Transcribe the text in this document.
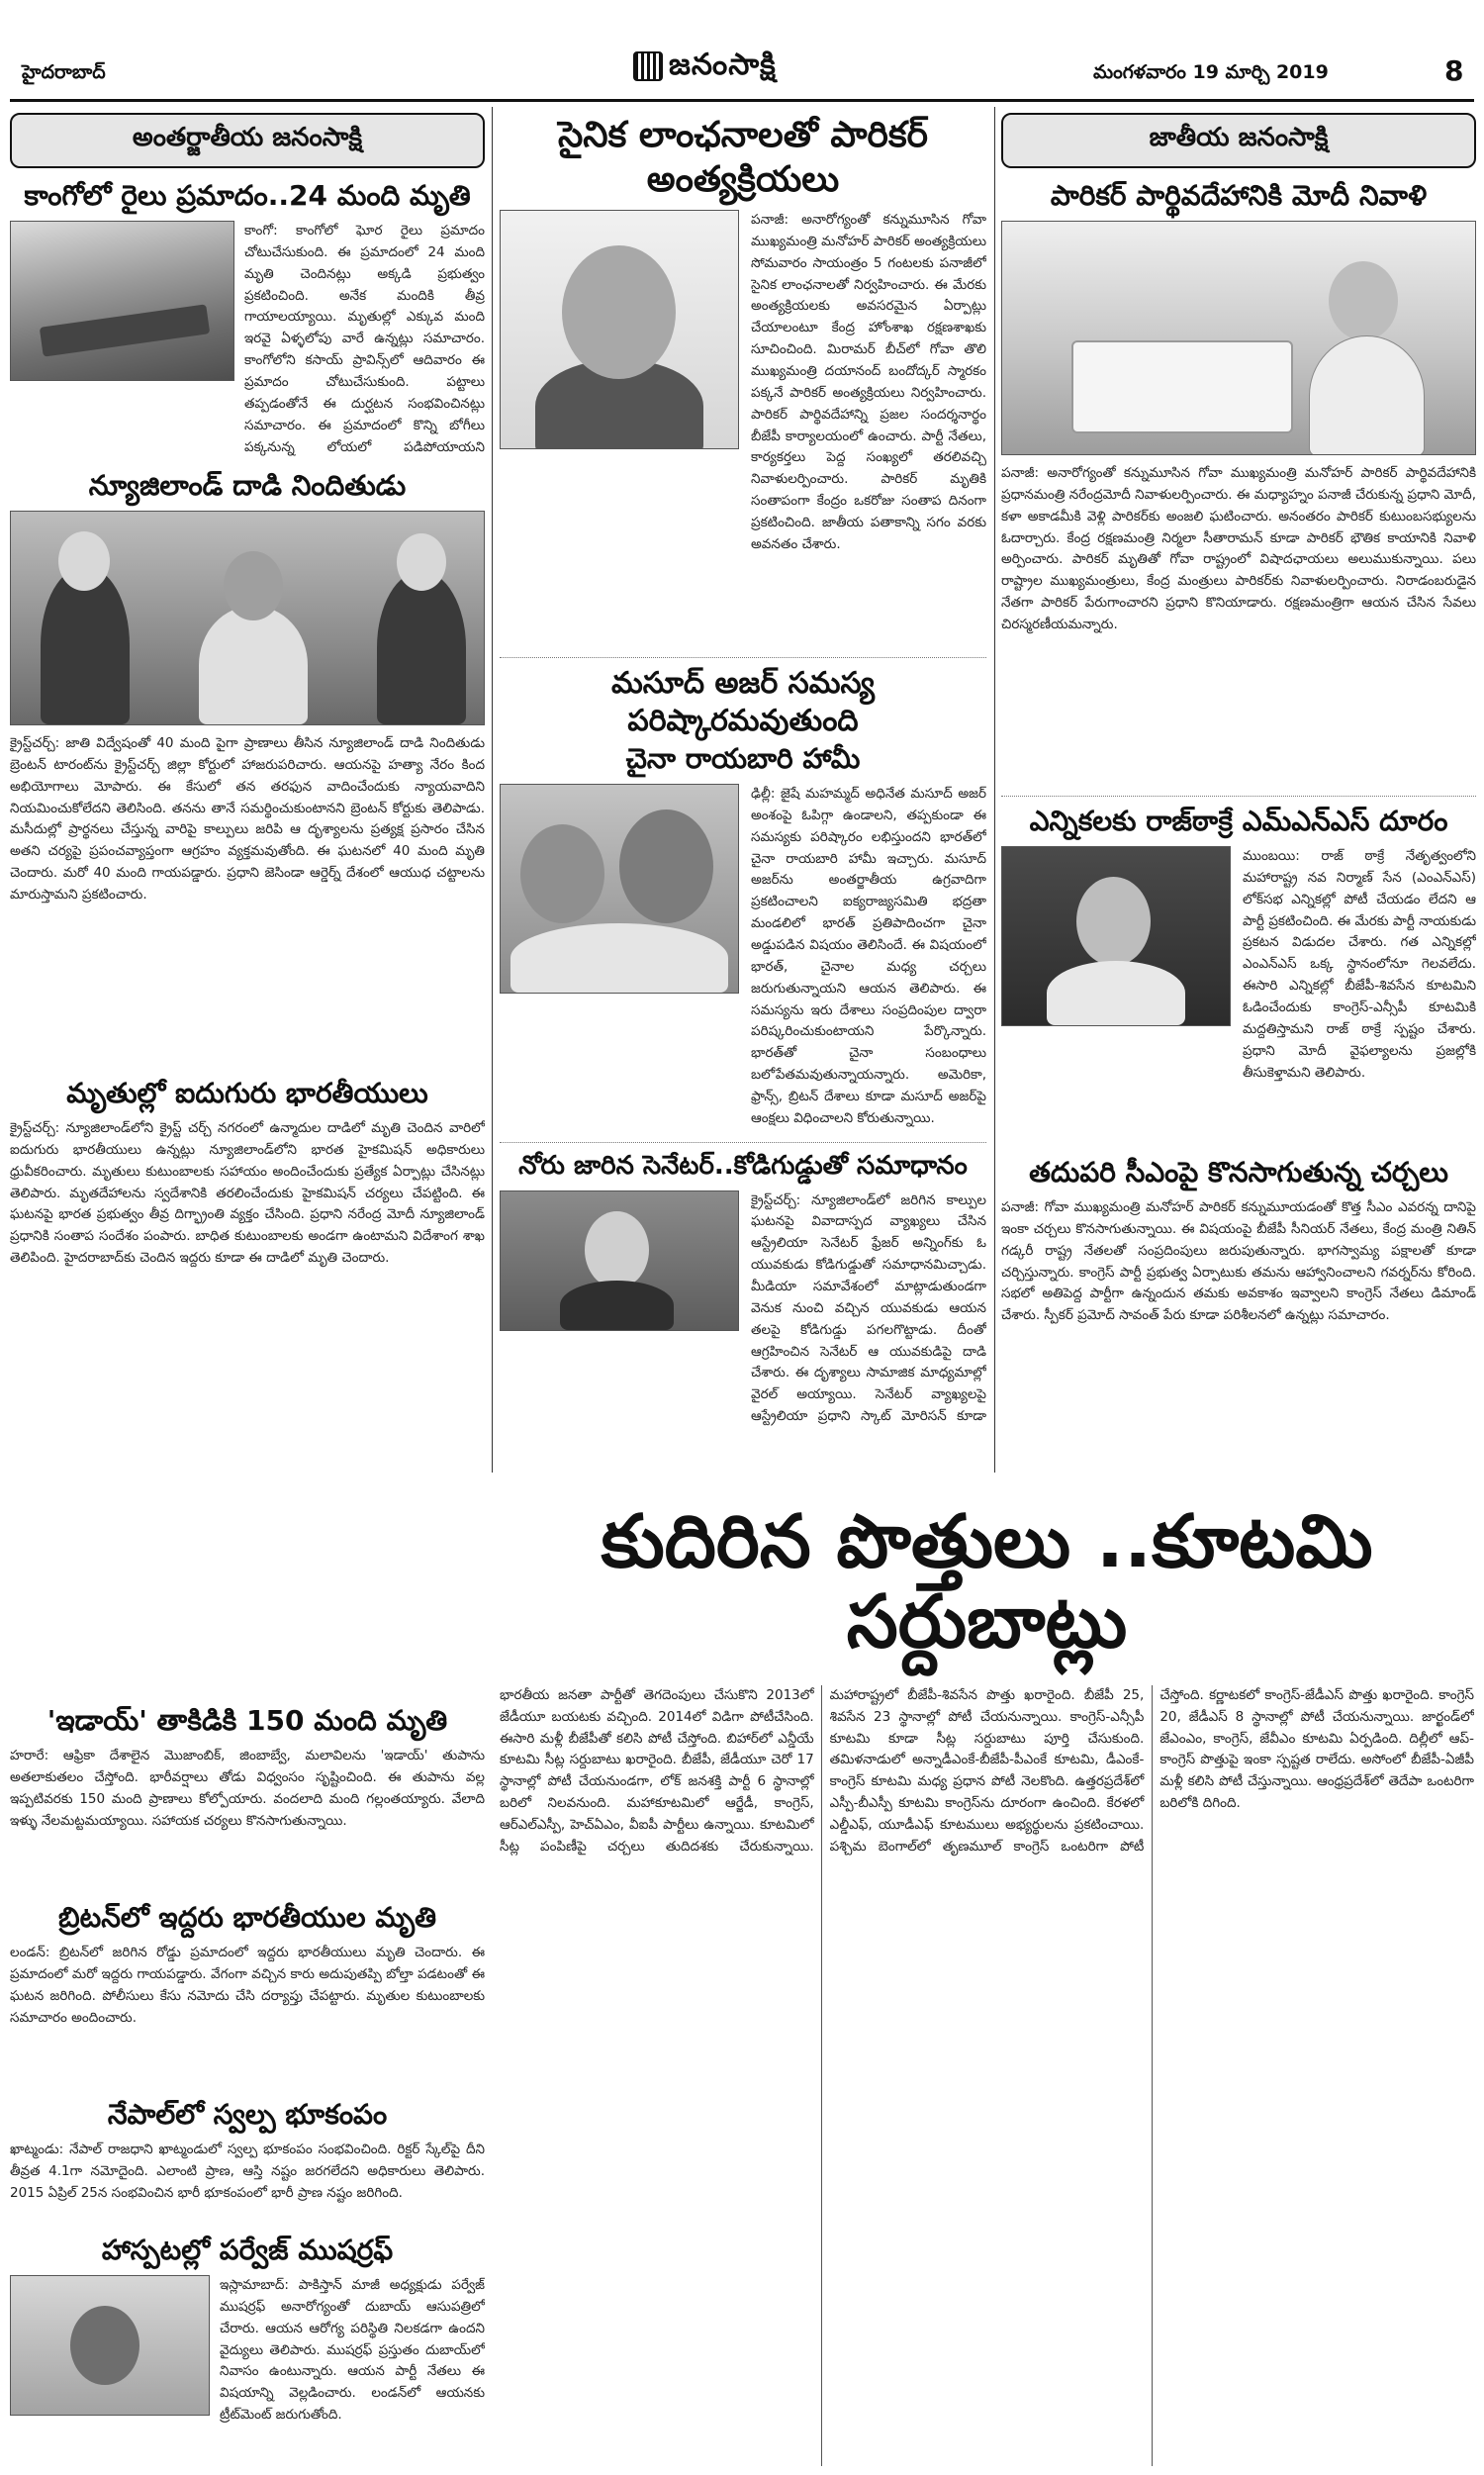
హైదరాబాద్	జనంసాక్షి	మంగళవారం 19 మార్చి 2019	8
అంతర్జాతీయ జనంసాక్షి
కాంగోలో రైలు ప్రమాదం..24 మంది మృతి
కాంగో: కాంగోలో ఘోర రైలు ప్రమాదం చోటుచేసుకుంది. ఈ ప్రమాదంలో 24 మంది మృతి చెందినట్లు అక్కడి ప్రభుత్వం ప్రకటించింది. అనేక మందికి తీవ్ర గాయాలయ్యాయి. మృతుల్లో ఎక్కువ మంది ఇరవై ఏళ్ళలోపు వారే ఉన్నట్లు సమాచారం. కాంగోలోని కసాయ్ ప్రావిన్స్‌లో ఆదివారం ఈ ప్రమాదం చోటుచేసుకుంది. పట్టాలు తప్పడంతోనే ఈ దుర్ఘటన సంభవించినట్లు సమాచారం. ఈ ప్రమాదంలో కొన్ని బోగీలు పక్కనున్న లోయలో పడిపోయాయని
న్యూజిలాండ్ దాడి నిందితుడు
క్రైస్ట్‌చర్చ్: జాతి విద్వేషంతో 40 మంది పైగా ప్రాణాలు తీసిన న్యూజిలాండ్ దాడి నిందితుడు బ్రెంటన్ టారంట్‌ను క్రైస్ట్‌చర్చ్ జిల్లా కోర్టులో హాజరుపరిచారు. ఆయనపై హత్యా నేరం కింద అభియోగాలు మోపారు. ఈ కేసులో తన తరఫున వాదించేందుకు న్యాయవాదిని నియమించుకోలేదని తెలిసింది. తనను తానే సమర్థించుకుంటానని బ్రెంటన్ కోర్టుకు తెలిపాడు. మసీదుల్లో ప్రార్థనలు చేస్తున్న వారిపై కాల్పులు జరిపి ఆ దృశ్యాలను ప్రత్యక్ష ప్రసారం చేసిన అతని చర్యపై ప్రపంచవ్యాప్తంగా ఆగ్రహం వ్యక్తమవుతోంది. ఈ ఘటనలో 40 మంది మృతి చెందారు. మరో 40 మంది గాయపడ్డారు. ప్రధాని జెసిండా ఆర్డెర్న్ దేశంలో ఆయుధ చట్టాలను మారుస్తామని ప్రకటించారు.
మృతుల్లో ఐదుగురు భారతీయులు
క్రైస్ట్‌చర్చ్: న్యూజిలాండ్‌లోని క్రైస్ట్ చర్చ్ నగరంలో ఉన్మాదుల దాడిలో మృతి చెందిన వారిలో ఐదుగురు భారతీయులు ఉన్నట్లు న్యూజిలాండ్‌లోని భారత హైకమిషన్ అధికారులు ధ్రువీకరించారు. మృతులు కుటుంబాలకు సహాయం అందించేందుకు ప్రత్యేక ఏర్పాట్లు చేసినట్లు తెలిపారు. మృతదేహాలను స్వదేశానికి తరలించేందుకు హైకమిషన్ చర్యలు చేపట్టింది. ఈ ఘటనపై భారత ప్రభుత్వం తీవ్ర దిగ్భ్రాంతి వ్యక్తం చేసింది. ప్రధాని నరేంద్ర మోదీ న్యూజిలాండ్ ప్రధానికి సంతాప సందేశం పంపారు. బాధిత కుటుంబాలకు అండగా ఉంటామని విదేశాంగ శాఖ తెలిపింది. హైదరాబాద్‌కు చెందిన ఇద్దరు కూడా ఈ దాడిలో మృతి చెందారు.
'ఇడాయ్' తాకిడికి 150 మంది మృతి
హరారే: ఆఫ్రికా దేశాలైన మొజాంబిక్, జింబాబ్వే, మలావిలను 'ఇడాయ్' తుపాను అతలాకుతలం చేస్తోంది. భారీవర్షాలు తోడు విధ్వంసం సృష్టించింది. ఈ తుపాను వల్ల ఇప్పటివరకు 150 మంది ప్రాణాలు కోల్పోయారు. వందలాది మంది గల్లంతయ్యారు. వేలాది ఇళ్ళు నేలమట్టమయ్యాయి. సహాయక చర్యలు కొనసాగుతున్నాయి.
బ్రిటన్‌లో ఇద్దరు భారతీయుల మృతి
లండన్: బ్రిటన్‌లో జరిగిన రోడ్డు ప్రమాదంలో ఇద్దరు భారతీయులు మృతి చెందారు. ఈ ప్రమాదంలో మరో ఇద్దరు గాయపడ్డారు. వేగంగా వచ్చిన కారు అదుపుతప్పి బోల్తా పడటంతో ఈ ఘటన జరిగింది. పోలీసులు కేసు నమోదు చేసి దర్యాప్తు చేపట్టారు. మృతుల కుటుంబాలకు సమాచారం అందించారు.
నేపాల్‌లో స్వల్ప భూకంపం
ఖాట్మండు: నేపాల్ రాజధాని ఖాట్మండులో స్వల్ప భూకంపం సంభవించింది. రిక్టర్ స్కేల్‌పై దీని తీవ్రత 4.1గా నమోదైంది. ఎలాంటి ప్రాణ, ఆస్తి నష్టం జరగలేదని అధికారులు తెలిపారు. 2015 ఏప్రిల్ 25న సంభవించిన భారీ భూకంపంలో భారీ ప్రాణ నష్టం జరిగింది.
హాస్పటల్లో పర్వేజ్ ముషర్రఫ్
ఇస్లామాబాద్: పాకిస్తాన్ మాజీ అధ్యక్షుడు పర్వేజ్ ముషర్రఫ్ అనారోగ్యంతో దుబాయ్ ఆసుపత్రిలో చేరారు. ఆయన ఆరోగ్య పరిస్థితి నిలకడగా ఉందని వైద్యులు తెలిపారు. ముషర్రఫ్ ప్రస్తుతం దుబాయ్‌లో నివాసం ఉంటున్నారు. ఆయన పార్టీ నేతలు ఈ విషయాన్ని వెల్లడించారు. లండన్‌లో ఆయనకు ట్రీట్‌మెంట్ జరుగుతోంది.
సైనిక లాంఛనాలతో పారికర్ అంత్యక్రియలు
పనాజీ: అనారోగ్యంతో కన్నుమూసిన గోవా ముఖ్యమంత్రి మనోహర్ పారికర్ అంత్యక్రియలు సోమవారం సాయంత్రం 5 గంటలకు పనాజీలో సైనిక లాంఛనాలతో నిర్వహించారు. ఈ మేరకు అంత్యక్రియలకు అవసరమైన ఏర్పాట్లు చేయాలంటూ కేంద్ర హోంశాఖ రక్షణశాఖకు సూచించింది. మిరామర్ బీచ్‌లో గోవా తొలి ముఖ్యమంత్రి దయానంద్ బందోద్కర్ స్మారకం పక్కనే పారికర్ అంత్యక్రియలు నిర్వహించారు. పారికర్ పార్థివదేహాన్ని ప్రజల సందర్శనార్థం బీజేపీ కార్యాలయంలో ఉంచారు. పార్టీ నేతలు, కార్యకర్తలు పెద్ద సంఖ్యలో తరలివచ్చి నివాళులర్పించారు. పారికర్ మృతికి సంతాపంగా కేంద్రం ఒకరోజు సంతాప దినంగా ప్రకటించింది. జాతీయ పతాకాన్ని సగం వరకు అవనతం చేశారు.
మసూద్ అజర్ సమస్య పరిష్కారమవుతుంది
చైనా రాయబారి హామీ
ఢిల్లీ: జైషే మహమ్మద్ అధినేత మసూద్ అజర్ అంశంపై ఓపిగ్గా ఉండాలని, తప్పకుండా ఈ సమస్యకు పరిష్కారం లభిస్తుందని భారత్‌లో చైనా రాయబారి హామీ ఇచ్చారు. మసూద్ అజర్‌ను అంతర్జాతీయ ఉగ్రవాదిగా ప్రకటించాలని ఐక్యరాజ్యసమితి భద్రతా మండలిలో భారత్ ప్రతిపాదించగా చైనా అడ్డుపడిన విషయం తెలిసిందే. ఈ విషయంలో భారత్, చైనాల మధ్య చర్చలు జరుగుతున్నాయని ఆయన తెలిపారు. ఈ సమస్యను ఇరు దేశాలు సంప్రదింపుల ద్వారా పరిష్కరించుకుంటాయని పేర్కొన్నారు. భారత్‌తో చైనా సంబంధాలు బలోపేతమవుతున్నాయన్నారు. అమెరికా, ఫ్రాన్స్, బ్రిటన్ దేశాలు కూడా మసూద్ అజర్‌పై ఆంక్షలు విధించాలని కోరుతున్నాయి.
నోరు జారిన సెనేటర్..కోడిగుడ్డుతో సమాధానం
క్రైస్ట్‌చర్చ్: న్యూజిలాండ్‌లో జరిగిన కాల్పుల ఘటనపై వివాదాస్పద వ్యాఖ్యలు చేసిన ఆస్ట్రేలియా సెనేటర్ ఫ్రేజర్ అన్నింగ్‌కు ఓ యువకుడు కోడిగుడ్డుతో సమాధానమిచ్చాడు. మీడియా సమావేశంలో మాట్లాడుతుండగా వెనుక నుంచి వచ్చిన యువకుడు ఆయన తలపై కోడిగుడ్డు పగలగొట్టాడు. దీంతో ఆగ్రహించిన సెనేటర్ ఆ యువకుడిపై దాడి చేశారు. ఈ దృశ్యాలు సామాజిక మాధ్యమాల్లో వైరల్ అయ్యాయి. సెనేటర్ వ్యాఖ్యలపై ఆస్ట్రేలియా ప్రధాని స్కాట్ మోరిసన్ కూడా
జాతీయ జనంసాక్షి
పారికర్ పార్థివదేహానికి మోదీ నివాళి
పనాజీ: అనారోగ్యంతో కన్నుమూసిన గోవా ముఖ్యమంత్రి మనోహర్ పారికర్ పార్థివదేహానికి ప్రధానమంత్రి నరేంద్రమోదీ నివాళులర్పించారు. ఈ మధ్యాహ్నం పనాజీ చేరుకున్న ప్రధాని మోదీ, కళా అకాడమీకి వెళ్లి పారికర్‌కు అంజలి ఘటించారు. అనంతరం పారికర్ కుటుంబసభ్యులను ఓదార్చారు. కేంద్ర రక్షణమంత్రి నిర్మలా సీతారామన్ కూడా పారికర్ భౌతిక కాయానికి నివాళి అర్పించారు. పారికర్ మృతితో గోవా రాష్ట్రంలో విషాదఛాయలు అలుముకున్నాయి. పలు రాష్ట్రాల ముఖ్యమంత్రులు, కేంద్ర మంత్రులు పారికర్‌కు నివాళులర్పించారు. నిరాడంబరుడైన నేతగా పారికర్ పేరుగాంచారని ప్రధాని కొనియాడారు. రక్షణమంత్రిగా ఆయన చేసిన సేవలు చిరస్మరణీయమన్నారు.
ఎన్నికలకు రాజ్‌ఠాక్రే ఎమ్ఎన్ఎస్ దూరం
ముంబయి: రాజ్ ఠాక్రే నేతృత్వంలోని మహారాష్ట్ర నవ నిర్మాణ్ సేన (ఎంఎన్ఎస్) లోక్‌సభ ఎన్నికల్లో పోటీ చేయడం లేదని ఆ పార్టీ ప్రకటించింది. ఈ మేరకు పార్టీ నాయకుడు ప్రకటన విడుదల చేశారు. గత ఎన్నికల్లో ఎంఎన్ఎస్ ఒక్క స్థానంలోనూ గెలవలేదు. ఈసారి ఎన్నికల్లో బీజేపీ-శివసేన కూటమిని ఓడించేందుకు కాంగ్రెస్-ఎన్సీపీ కూటమికి మద్దతిస్తామని రాజ్ ఠాక్రే స్పష్టం చేశారు. ప్రధాని మోదీ వైఫల్యాలను ప్రజల్లోకి తీసుకెళ్తామని తెలిపారు.
తదుపరి సీఎంపై కొనసాగుతున్న చర్చలు
పనాజీ: గోవా ముఖ్యమంత్రి మనోహర్ పారికర్ కన్నుమూయడంతో కొత్త సీఎం ఎవరన్న దానిపై ఇంకా చర్చలు కొనసాగుతున్నాయి. ఈ విషయంపై బీజేపీ సీనియర్ నేతలు, కేంద్ర మంత్రి నితిన్ గడ్కరీ రాష్ట్ర నేతలతో సంప్రదింపులు జరుపుతున్నారు. భాగస్వామ్య పక్షాలతో కూడా చర్చిస్తున్నారు. కాంగ్రెస్ పార్టీ ప్రభుత్వ ఏర్పాటుకు తమను ఆహ్వానించాలని గవర్నర్‌ను కోరింది. సభలో అతిపెద్ద పార్టీగా ఉన్నందున తమకు అవకాశం ఇవ్వాలని కాంగ్రెస్ నేతలు డిమాండ్ చేశారు. స్పీకర్ ప్రమోద్ సావంత్ పేరు కూడా పరిశీలనలో ఉన్నట్లు సమాచారం.
కుదిరిన పొత్తులు ..కూటమి సర్దుబాట్లు
భారతీయ జనతా పార్టీతో తెగదెంపులు చేసుకొని 2013లో జేడీయూ బయటకు వచ్చింది. 2014లో విడిగా పోటీచేసింది. ఈసారి మళ్లీ బీజేపీతో కలిసి పోటీ చేస్తోంది. బిహార్‌లో ఎన్డీయే కూటమి సీట్ల సర్దుబాటు ఖరారైంది. బీజేపీ, జేడీయూ చెరో 17 స్థానాల్లో పోటీ చేయనుండగా, లోక్ జనశక్తి పార్టీ 6 స్థానాల్లో బరిలో నిలవనుంది. మహాకూటమిలో ఆర్జేడీ, కాంగ్రెస్, ఆర్ఎల్ఎస్పీ, హెచ్ఏఎం, వీఐపీ పార్టీలు ఉన్నాయి. కూటమిలో సీట్ల పంపిణీపై చర్చలు తుదిదశకు చేరుకున్నాయి. మహారాష్ట్రలో బీజేపీ-శివసేన పొత్తు ఖరారైంది. బీజేపీ 25, శివసేన 23 స్థానాల్లో పోటీ చేయనున్నాయి. కాంగ్రెస్-ఎన్సీపీ కూటమి కూడా సీట్ల సర్దుబాటు పూర్తి చేసుకుంది. తమిళనాడులో అన్నాడీఎంకే-బీజేపీ-పీఎంకే కూటమి, డీఎంకే-కాంగ్రెస్ కూటమి మధ్య ప్రధాన పోటీ నెలకొంది. ఉత్తరప్రదేశ్‌లో ఎస్పీ-బీఎస్పీ కూటమి కాంగ్రెస్‌ను దూరంగా ఉంచింది. కేరళలో ఎల్డీఎఫ్, యూడీఎఫ్ కూటములు అభ్యర్థులను ప్రకటించాయి. పశ్చిమ బెంగాల్‌లో తృణమూల్ కాంగ్రెస్ ఒంటరిగా పోటీ చేస్తోంది. కర్ణాటకలో కాంగ్రెస్-జేడీఎస్ పొత్తు ఖరారైంది. కాంగ్రెస్ 20, జేడీఎస్ 8 స్థానాల్లో పోటీ చేయనున్నాయి. జార్ఖండ్‌లో జేఎంఎం, కాంగ్రెస్, జేవీఎం కూటమి ఏర్పడింది. దిల్లీలో ఆప్-కాంగ్రెస్ పొత్తుపై ఇంకా స్పష్టత రాలేదు. అసోంలో బీజేపీ-ఏజీపీ మళ్లీ కలిసి పోటీ చేస్తున్నాయి. ఆంధ్రప్రదేశ్‌లో తెదేపా ఒంటరిగా బరిలోకి దిగింది.
